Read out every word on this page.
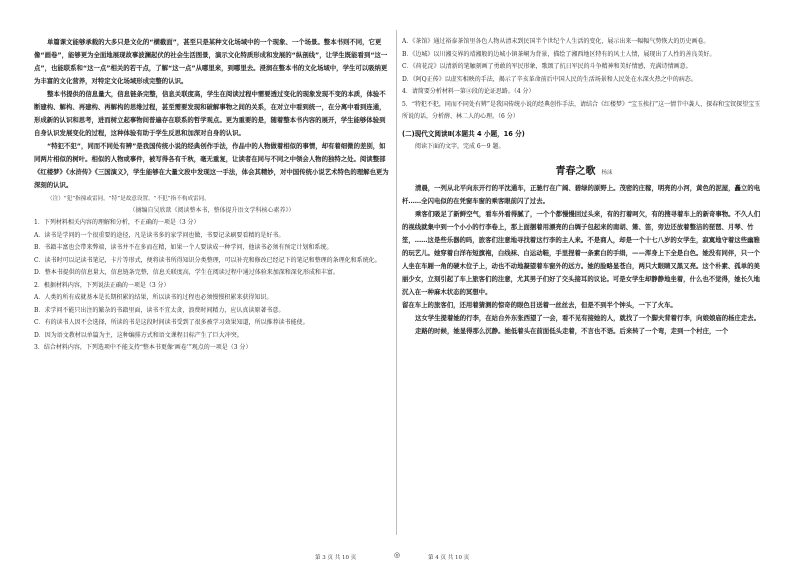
单篇课文能够承载的大多只是文化的“横截面”，甚至只是某种文化场域中的一个现象、一个场景。整本书则不同，它更像“画卷”，能够更为全面地展现故事波澜起伏的社会生活图景，演示文化特质形成和发展的“纵剖线”，让学生既能看到“这一点”，也能联系和“这一点”相关的若干点，了解“这一点”从哪里来，到哪里去。浸润在整本书的文化场域中，学生可以吸纳更为丰富的文化营养，对特定文化场域形成完整的认识。

整本书提供的信息量大，信息链条完整，信息关联度高，学生在阅读过程中需要透过变化的现象发现不变的本质，体验不断建构、解构、再建构、再解构的思维过程，甚至需要发现和破解事物之间的关系，在对立中看到统一，在分离中看到连通，形成新的认识和思考，进而树立起事物间普遍存在联系的哲学观点。更为重要的是，随着整本书内容的展开，学生能够体验到自身认识发展变化的过程，这种体验有助于学生反思和加深对自身的认识。

“特犯不犯”，同而不同处有辨”是我国传统小说的经典创作手法，作品中的人物做着相似的事情，却有着细微的差别，如同两片相似的树叶。相似的人物或事件，被写得各有千秋，毫无重复，让读者在同与不同之中领会人物的独特之处。阅读整部《红楼梦》《水浒传》《三国演义》，学生能够在大量文段中发现这一手法，体会其精妙，对中国传统小说艺术特色的理解也更为深刻的认识。

（注）“犯”指撞或雷同，“特”是故意设置。“不犯”指不构成雷同。

（摘编自吴欣歆《阅读整本书，整体提升语文学科核心素养》）

1．下列材料相关内容的理解和分析，不正确的一项是（3 分）

A．读书是学问的一个很重要的途径，凡是读书多的家学问也做，书要记录刷要看精的是好书。

B．书籍丰富也会带来弊端，读书并不在多而在精，如果一个人要读成一种学问，他读书必须有预定计划和系统。

C．读书时可以记读书笔记，卡片等形式，便将读书所得知识分类整理，可以补充和修改已经记下的笔记和整理的条理化和系统化。

D．整本书提供的信息量大，信息链条完整，信息关联度高，学生在阅读过程中通过体验来加深和深化形成和丰富。

2．根据材料内容，下列说法正确的一项是（3 分）

A．人类的所有成就基本是长期积累的结果，所以读书的过程也必须慢慢积累来获得知识。

B．求学问不能只出注的繁杂的书籍里面，读书不宜太贪，浪费时间精力，应认真读原著书意。

C．有的读书人因不会选择，所读的书是这段时间读书受到了很多被学习效果知道，所以推荐读书能使。

D．因为语文教材以单篇为主，这种编排方式和语文课程目标产生了巨大冲突。

3．结合材料内容，下列选项中不能支持“整本书更像‘画卷’”观点的一项是（3 分）

A．《茶馆》通过裕泰茶馆里各色人物从清末到民国半个世纪个人生活的变化，展示出来一幅幅气势恢大的历史画卷。

B．《边城》以川湘交界的靖湘般的边城小镇茶峒为背景，描绘了湘西地区特有的风土人情，展现出了人性的善良美好。

C．《荷花淀》以清新的笔触刻画了勇敢的军民形象，歌颂了抗日军民的斗争精神和美好情感，充满诗情画意。

D．《阿Q正传》以虚实相映的手法，揭示了辛亥革命前后中国人民的生活场景和人民处在水深火热之中的病态。

4．请简要分析材料一第④段的论证思路。（4 分）

5．“特犯不犯，同而不同处有辨”是我国传统小说的经典创作手法，请结合《红楼梦》“宝玉挨打”这一情节中袭人、探春和宝钗探望宝玉所说的话，分析薛、林二人的心理。（6 分）

(二)现代文阅读Ⅱ(本题共 4 小题，16 分)

阅读下面的文字，完成 6～9 题。

青春之歌 杨沫

清晨，一列从北平向东开行的平沈通车，正驰行在广阔、碧绿的原野上。茂密的庄稼，明亮的小河，黄色的泥屋，矗立的电杆……全闪电似的在凭窗车窗的乘客眼前闪了过去。

乘客们吸足了新鲜空气，看车外看得腻了，一个个都慢慢回过头来，有的打着呵欠，有的搜寻着车上的新奇事物。不久人们的视线就集中到一个小小的行李卷上，那上面捆着用漂亮的白绸子包起来的南胡、箫、笛，旁边还放着整洁的琵琶、月琴、竹笙，……这是些乐器的吗，旅客们注意地寻找着这行李的主人来。不是商人，却是一个十七八岁的女学生，寂寞地守着这些幽雅的玩艺儿。她穿着白洋布短旗袍，白线袜、白运动鞋，手里捏着一条素白的手绢，——浑身上下全是白色。她没有同伴，只一个人坐在车厢一角的硬木位子上，动也不动地凝望着车窗外的远方。她的脸略显苍白，两只大眼睛又黑又亮。这个朴素、孤单的美丽少女，立刻引起了车上旅客们的注意，尤其男子们好了交头接耳的议论。可是女学生却静静地坐着，什么也不觉得，她长久地沉入在一种麻木状态的冥想中。

留在车上的旅客们，还用着猜测的惊奇的眼色目送着一丝丝去，但是不到半个钟头，一下了火车。

这女学生提着她的行李，在站台外东张西望了一会，看不见有接她的人，就找了一个脚夫背着行李，向娘娘庙的杨庄走去。

走路的时候，她显得那么沉静。她低着头在前面低头走着，不言也不语。后来转了一个弯，走到一个村庄，一个

第 3 页 共 10 页	◎	第 4 页 共 10 页
